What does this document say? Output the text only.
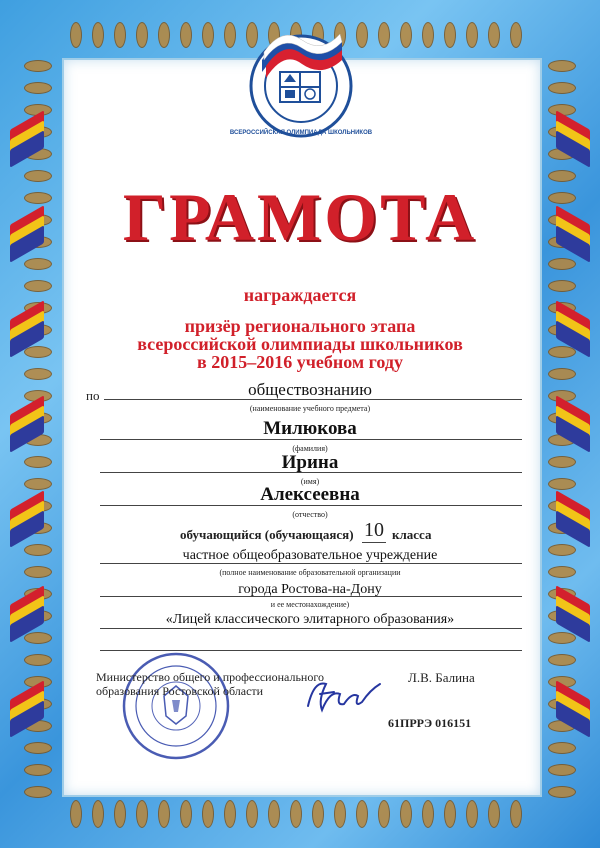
ВСЕРОССИЙСКАЯ ОЛИМПИАДА ШКОЛЬНИКОВ
ГРАМОТА
награждается
призёр регионального этапа
всероссийской олимпиады школьников
в 2015–2016 учебном году
по	обществознанию
(наименование учебного предмета)
Милюкова
(фамилия)
Ирина
(имя)
Алексеевна
(отчество)
обучающийся (обучающаяся) 10 класса
частное общеобразовательное учреждение
(полное наименование образовательной организации
города Ростова-на-Дону
и ее местонахождение)
«Лицей классического элитарного образования»
Министерство общего и профессионального
образования Ростовской области
Л.В. Балина
61ПРРЭ 016151
